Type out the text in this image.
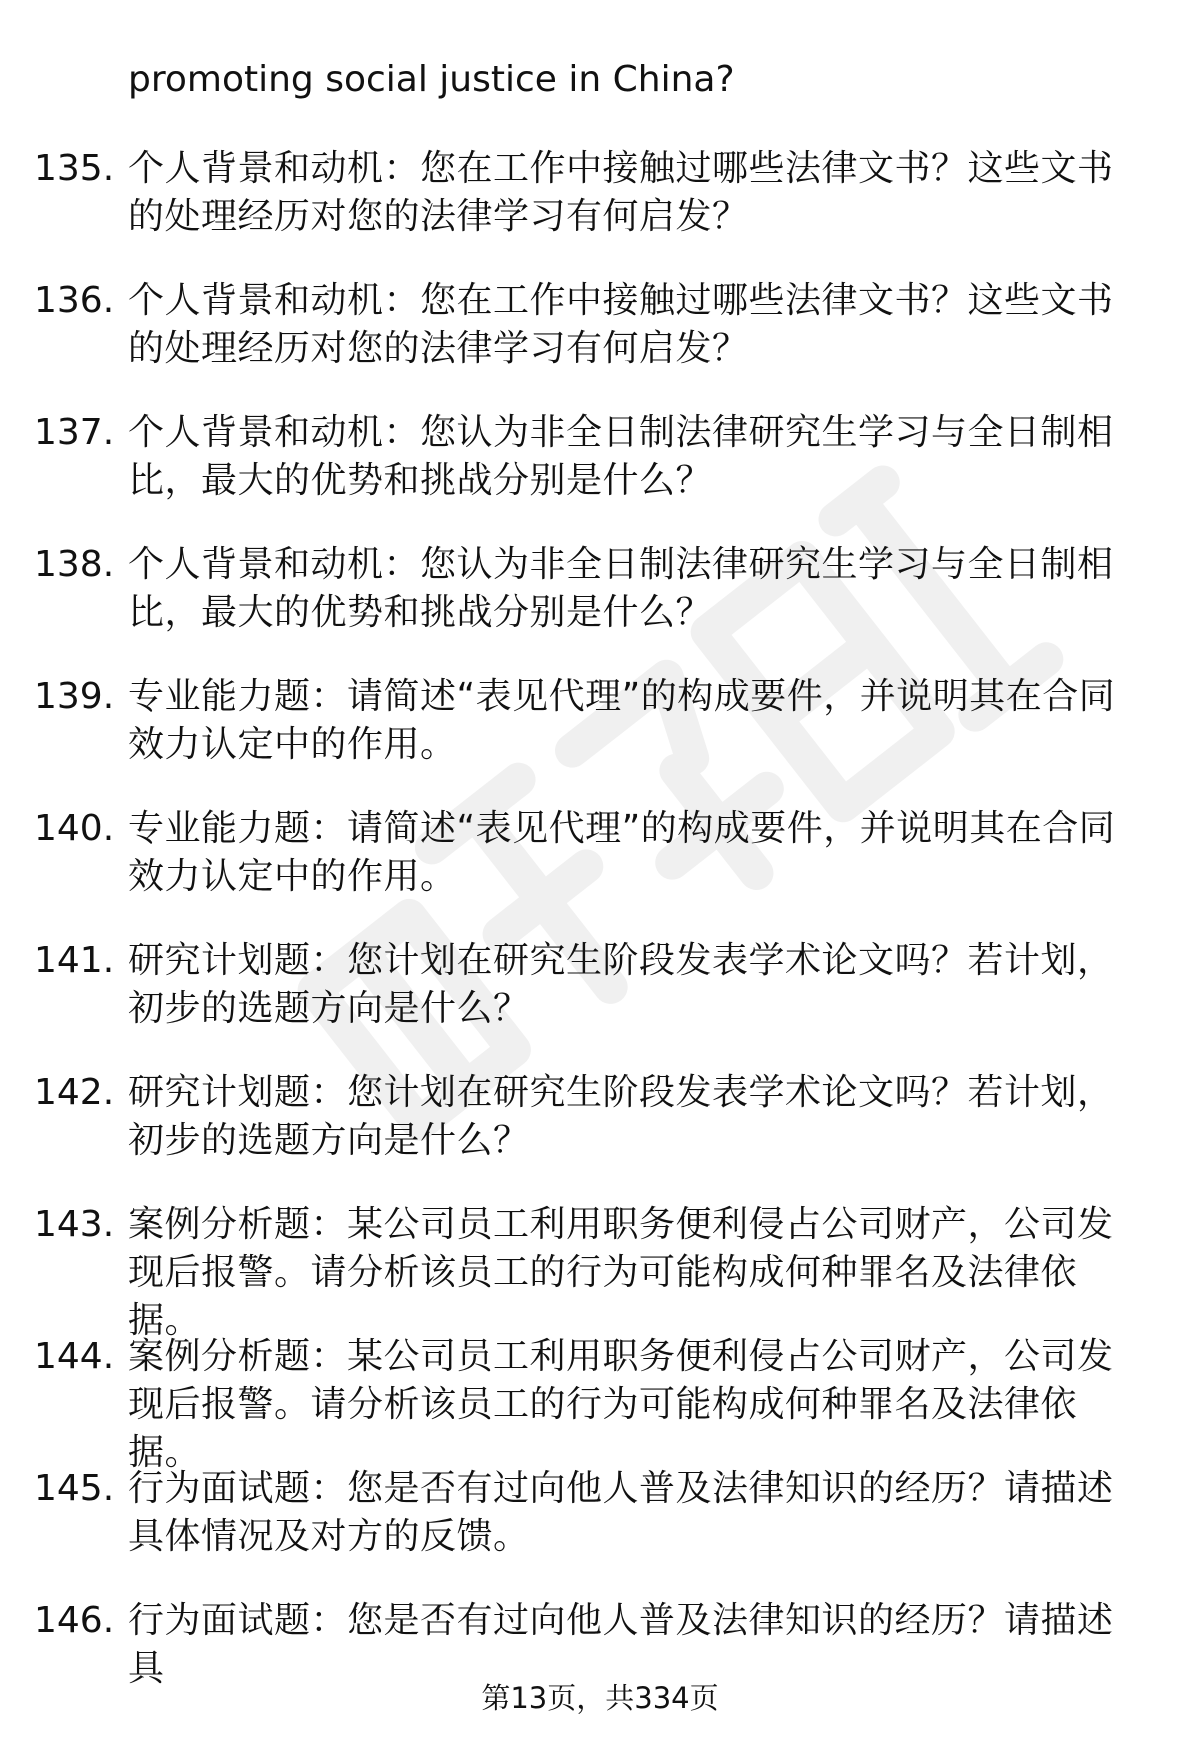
promoting social justice in China?
135. 个人背景和动机：您在工作中接触过哪些法律文书？这些文书的处理经历对您的法律学习有何启发？
136. 个人背景和动机：您在工作中接触过哪些法律文书？这些文书的处理经历对您的法律学习有何启发？
137. 个人背景和动机：您认为非全日制法律研究生学习与全日制相比，最大的优势和挑战分别是什么？
138. 个人背景和动机：您认为非全日制法律研究生学习与全日制相比，最大的优势和挑战分别是什么？
139. 专业能力题：请简述“表见代理”的构成要件，并说明其在合同效力认定中的作用。
140. 专业能力题：请简述“表见代理”的构成要件，并说明其在合同效力认定中的作用。
141. 研究计划题：您计划在研究生阶段发表学术论文吗？若计划，初步的选题方向是什么？
142. 研究计划题：您计划在研究生阶段发表学术论文吗？若计划，初步的选题方向是什么？
143. 案例分析题：某公司员工利用职务便利侵占公司财产，公司发现后报警。请分析该员工的行为可能构成何种罪名及法律依据。
144. 案例分析题：某公司员工利用职务便利侵占公司财产，公司发现后报警。请分析该员工的行为可能构成何种罪名及法律依据。
145. 行为面试题：您是否有过向他人普及法律知识的经历？请描述具体情况及对方的反馈。
146. 行为面试题：您是否有过向他人普及法律知识的经历？请描述具
第13页，共334页
